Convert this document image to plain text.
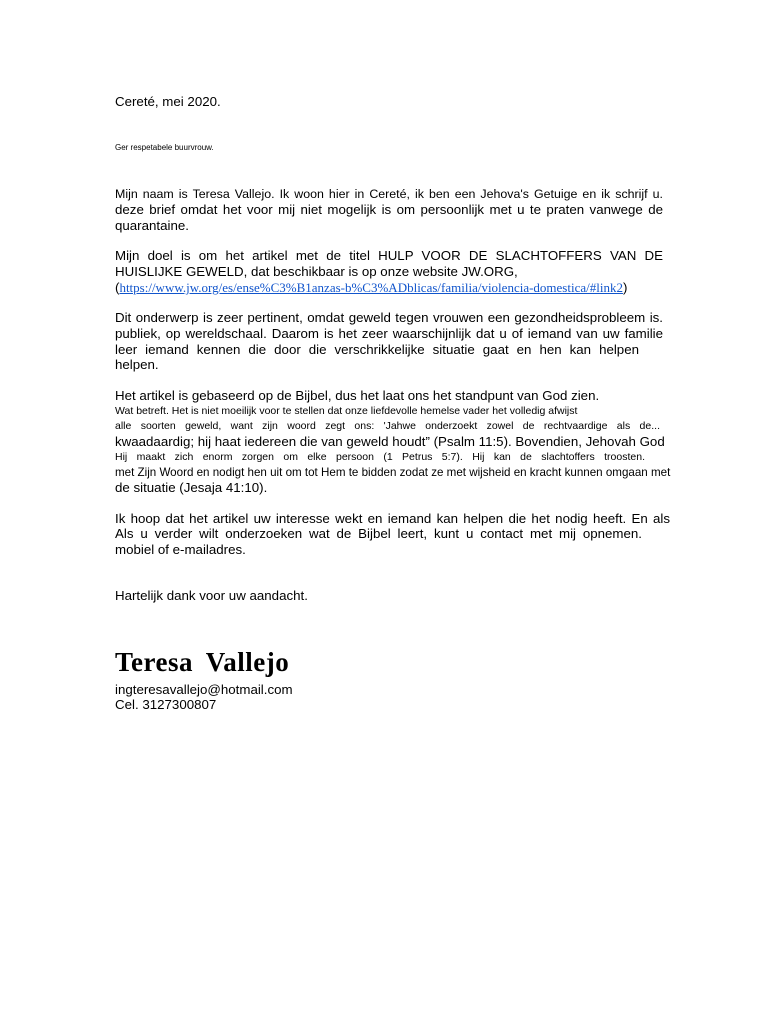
Cereté, mei 2020.
Ger respetabele buurvrouw.
Mijn naam is Teresa Vallejo. Ik woon hier in Cereté, ik ben een Jehova's Getuige en ik schrijf u.
deze brief omdat het voor mij niet mogelijk is om persoonlijk met u te praten vanwege de
quarantaine.
Mijn doel is om het artikel met de titel HULP VOOR DE SLACHTOFFERS VAN DE
HUISLIJKE GEWELD, dat beschikbaar is op onze website JW.ORG,
(https://www.jw.org/es/ense%C3%B1anzas-b%C3%ADblicas/familia/violencia-domestica/#link2)
Dit onderwerp is zeer pertinent, omdat geweld tegen vrouwen een gezondheidsprobleem is.
publiek, op wereldschaal. Daarom is het zeer waarschijnlijk dat u of iemand van uw familie
leer iemand kennen die door die verschrikkelijke situatie gaat en hen kan helpen
helpen.
Het artikel is gebaseerd op de Bijbel, dus het laat ons het standpunt van God zien.
Wat betreft. Het is niet moeilijk voor te stellen dat onze liefdevolle hemelse vader het volledig afwijst
alle soorten geweld, want zijn woord zegt ons: 'Jahwe onderzoekt zowel de rechtvaardige als de...
kwaadaardig; hij haat iedereen die van geweld houdt” (Psalm 11:5). Bovendien, Jehovah God
Hij maakt zich enorm zorgen om elke persoon (1 Petrus 5:7). Hij kan de slachtoffers troosten.
met Zijn Woord en nodigt hen uit om tot Hem te bidden zodat ze met wijsheid en kracht kunnen omgaan met
de situatie (Jesaja 41:10).
Ik hoop dat het artikel uw interesse wekt en iemand kan helpen die het nodig heeft. En als
Als u verder wilt onderzoeken wat de Bijbel leert, kunt u contact met mij opnemen.
mobiel of e-mailadres.
Hartelijk dank voor uw aandacht.
Teresa Vallejo
ingteresavallejo@hotmail.com
Cel. 3127300807
